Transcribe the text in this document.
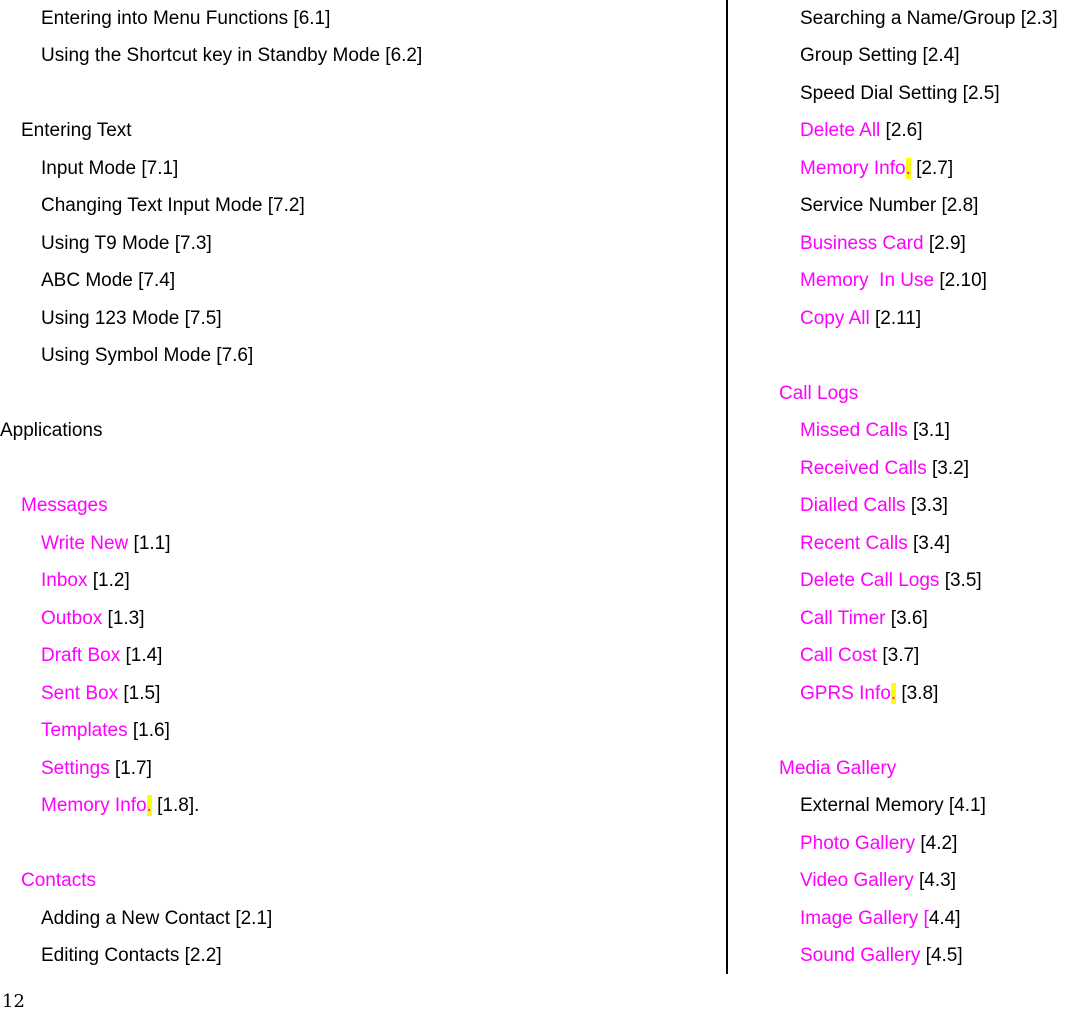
Entering into Menu Functions [6.1]
Using the Shortcut key in Standby Mode [6.2]
Entering Text
Input Mode [7.1]
Changing Text Input Mode [7.2]
Using T9 Mode [7.3]
ABC Mode [7.4]
Using 123 Mode [7.5]
Using Symbol Mode [7.6]
Applications
Messages
Write New [1.1]
Inbox [1.2]
Outbox [1.3]
Draft Box [1.4]
Sent Box [1.5]
Templates [1.6]
Settings [1.7]
Memory Info. [1.8].
Contacts
Adding a New Contact [2.1]
Editing Contacts [2.2]
Searching a Name/Group [2.3]
Group Setting [2.4]
Speed Dial Setting [2.5]
Delete All [2.6]
Memory Info. [2.7]
Service Number [2.8]
Business Card [2.9]
Memory  In Use [2.10]
Copy All [2.11]
Call Logs
Missed Calls [3.1]
Received Calls [3.2]
Dialled Calls [3.3]
Recent Calls [3.4]
Delete Call Logs [3.5]
Call Timer [3.6]
Call Cost [3.7]
GPRS Info. [3.8]
Media Gallery
External Memory [4.1]
Photo Gallery [4.2]
Video Gallery [4.3]
Image Gallery [4.4]
Sound Gallery [4.5]
12
